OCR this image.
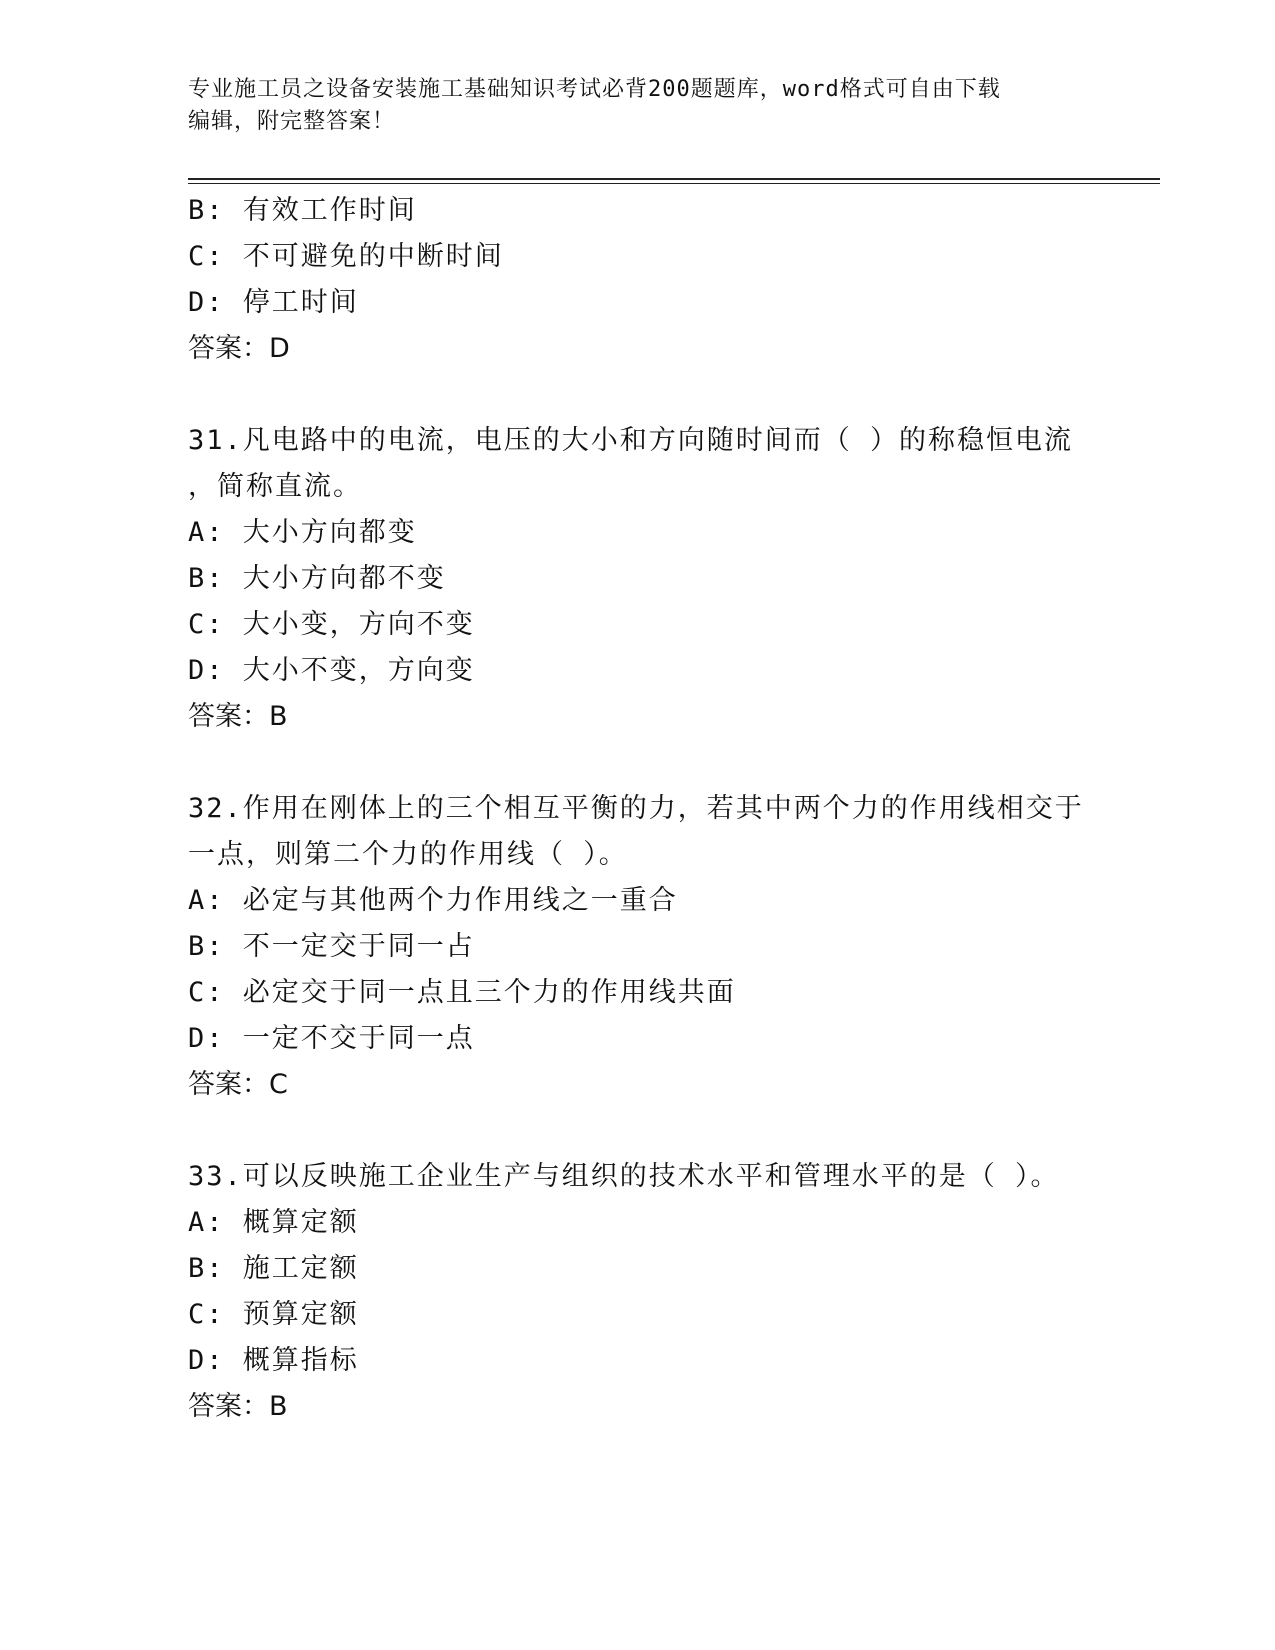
专业施工员之设备安装施工基础知识考试必背200题题库，word格式可自由下载
编辑，附完整答案！
B: 有效工作时间
C: 不可避免的中断时间
D: 停工时间
答案：D
31.凡电路中的电流，电压的大小和方向随时间而（ ）的称稳恒电流
，简称直流。
A: 大小方向都变
B: 大小方向都不变
C: 大小变，方向不变
D: 大小不变，方向变
答案：B
32.作用在刚体上的三个相互平衡的力，若其中两个力的作用线相交于
一点，则第二个力的作用线（ ）。
A: 必定与其他两个力作用线之一重合
B: 不一定交于同一占
C: 必定交于同一点且三个力的作用线共面
D: 一定不交于同一点
答案：C
33.可以反映施工企业生产与组织的技术水平和管理水平的是（ ）。
A: 概算定额
B: 施工定额
C: 预算定额
D: 概算指标
答案：B
